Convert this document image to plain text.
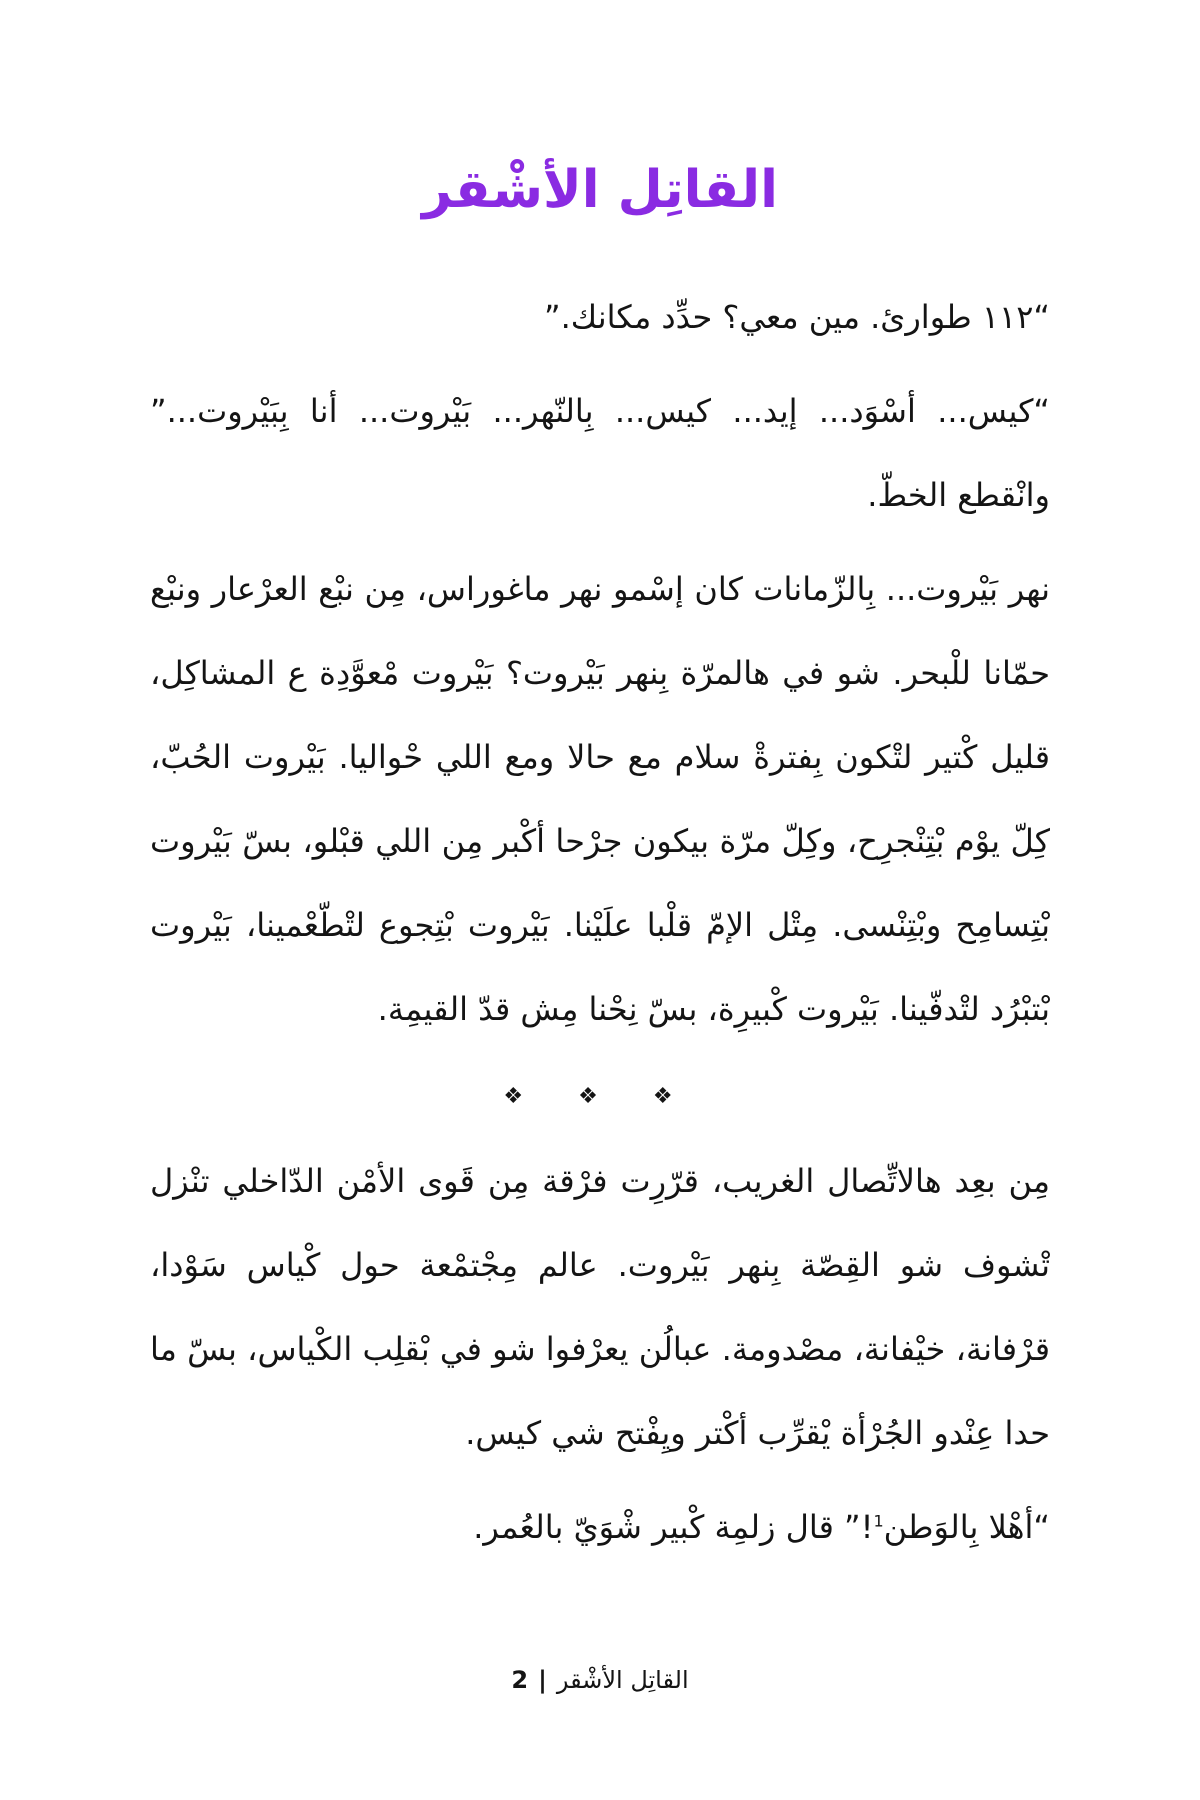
القاتِل الأشْقر

“١١٢ طوارئ. مين معي؟ حدِّد مكانك.”

“كيس... أسْوَد... إيد... كيس... بِالنّهر... بَيْروت... أنا بِبَيْروت...” وانْقطع الخطّ.

نهر بَيْروت... بِالزّمانات كان إسْمو نهر ماغوراس، مِن نبْع العرْعار ونبْع حمّانا للْبحر. شو في هالمرّة بِنهر بَيْروت؟ بَيْروت مْعوَّدِة ع المشاكِل، قليل كْتير لتْكون بِفترةْ سلام مع حالا ومع اللي حْواليا. بَيْروت الحُبّ، كِلّ يوْم بْتِنْجرِح، وكِلّ مرّة بيكون جرْحا أكْبر مِن اللي قبْلو، بسّ بَيْروت بْتِسامِح وبْتِنْسى. مِتْل الإمّ قلْبا علَيْنا. بَيْروت بْتِجوع لتْطّعْمينا، بَيْروت بْتبْرُد لتْدفّينا. بَيْروت كْبيرِة، بسّ نِحْنا مِش قدّ القيمِة.

❖ ❖ ❖

مِن بعِد هالاتِّصال الغريب، قرّرِت فرْقة مِن قَوى الأمْن الدّاخلي تنْزل تْشوف شو القِصّة بِنهر بَيْروت. عالم مِجْتمْعة حول كْياس سَوْدا، قرْفانة، خيْفانة، مصْدومة. عبالُن يعرْفوا شو في بْقلِب الكْياس، بسّ ما حدا عِنْدو الجُرْأة يْقرِّب أكْتر ويِفْتح شي كيس.

“أهْلا بِالوَطن$^1$!” قال زلمِة كْبير شْوَيّ بالعُمر.

القاتِل الأشْقر|2
